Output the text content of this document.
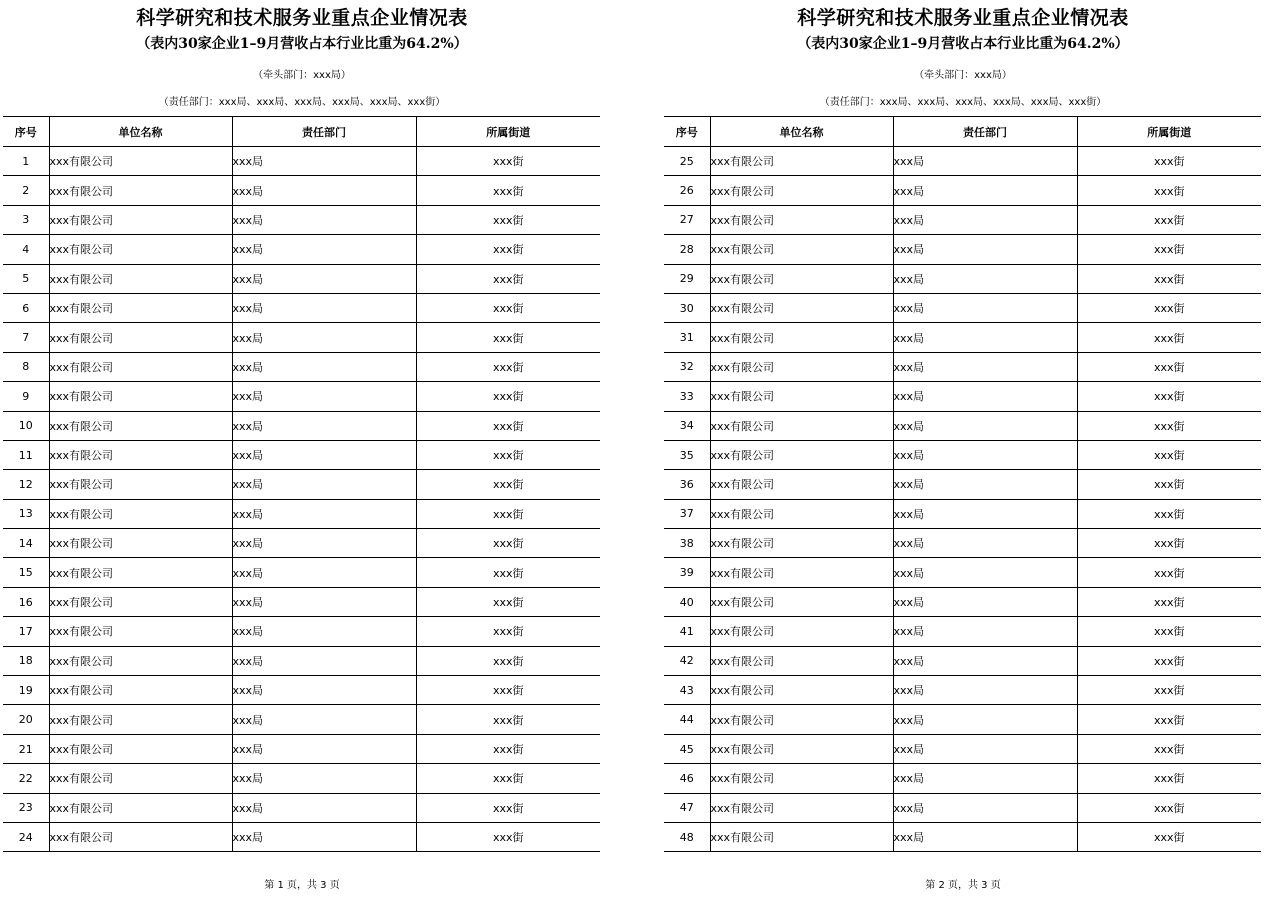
科学研究和技术服务业重点企业情况表
（表内30家企业1–9月营收占本行业比重为64.2%）
（牵头部门：xxx局）
（责任部门：xxx局、xxx局、xxx局、xxx局、xxx局、xxx街）
序号	单位名称	责任部门	所属街道
1	xxx有限公司	xxx局	xxx街
2	xxx有限公司	xxx局	xxx街
3	xxx有限公司	xxx局	xxx街
4	xxx有限公司	xxx局	xxx街
5	xxx有限公司	xxx局	xxx街
6	xxx有限公司	xxx局	xxx街
7	xxx有限公司	xxx局	xxx街
8	xxx有限公司	xxx局	xxx街
9	xxx有限公司	xxx局	xxx街
10	xxx有限公司	xxx局	xxx街
11	xxx有限公司	xxx局	xxx街
12	xxx有限公司	xxx局	xxx街
13	xxx有限公司	xxx局	xxx街
14	xxx有限公司	xxx局	xxx街
15	xxx有限公司	xxx局	xxx街
16	xxx有限公司	xxx局	xxx街
17	xxx有限公司	xxx局	xxx街
18	xxx有限公司	xxx局	xxx街
19	xxx有限公司	xxx局	xxx街
20	xxx有限公司	xxx局	xxx街
21	xxx有限公司	xxx局	xxx街
22	xxx有限公司	xxx局	xxx街
23	xxx有限公司	xxx局	xxx街
24	xxx有限公司	xxx局	xxx街
第 1 页，共 3 页
科学研究和技术服务业重点企业情况表
（表内30家企业1–9月营收占本行业比重为64.2%）
（牵头部门：xxx局）
（责任部门：xxx局、xxx局、xxx局、xxx局、xxx局、xxx街）
序号	单位名称	责任部门	所属街道
25	xxx有限公司	xxx局	xxx街
26	xxx有限公司	xxx局	xxx街
27	xxx有限公司	xxx局	xxx街
28	xxx有限公司	xxx局	xxx街
29	xxx有限公司	xxx局	xxx街
30	xxx有限公司	xxx局	xxx街
31	xxx有限公司	xxx局	xxx街
32	xxx有限公司	xxx局	xxx街
33	xxx有限公司	xxx局	xxx街
34	xxx有限公司	xxx局	xxx街
35	xxx有限公司	xxx局	xxx街
36	xxx有限公司	xxx局	xxx街
37	xxx有限公司	xxx局	xxx街
38	xxx有限公司	xxx局	xxx街
39	xxx有限公司	xxx局	xxx街
40	xxx有限公司	xxx局	xxx街
41	xxx有限公司	xxx局	xxx街
42	xxx有限公司	xxx局	xxx街
43	xxx有限公司	xxx局	xxx街
44	xxx有限公司	xxx局	xxx街
45	xxx有限公司	xxx局	xxx街
46	xxx有限公司	xxx局	xxx街
47	xxx有限公司	xxx局	xxx街
48	xxx有限公司	xxx局	xxx街
第 2 页，共 3 页
